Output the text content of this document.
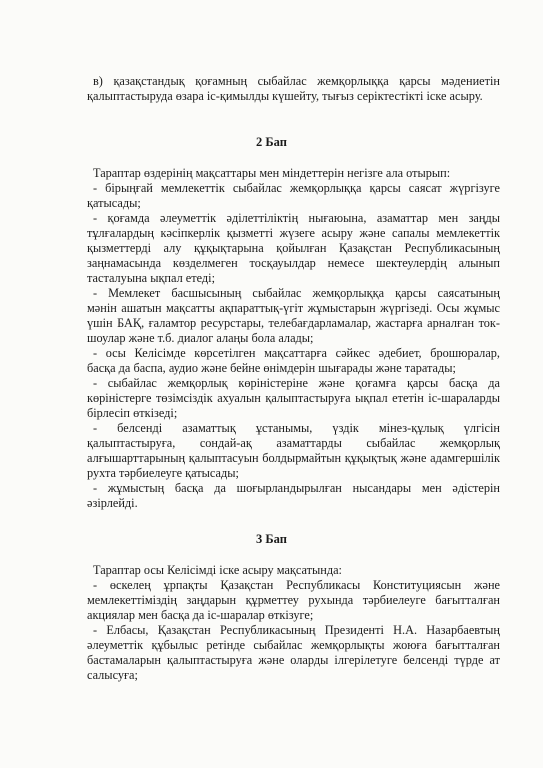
в) қазақстандық қоғамның сыбайлас жемқорлыққа қарсы мәдениетін
қалыптастыруда өзара іс-қимылды күшейту, тығыз серіктестікті іске асыру.
2 Бап
Тараптар өздерінің мақсаттары мен міндеттерін негізге ала отырып:
- бірыңғай мемлекеттік сыбайлас жемқорлыққа қарсы саясат жүргізуге
қатысады;
- қоғамда әлеуметтік әділеттіліктің нығаюына, азаматтар мен заңды
тұлғалардың кәсіпкерлік қызметті жүзеге асыру және сапалы мемлекеттік
қызметтерді алу құқықтарына қойылған Қазақстан Республикасының
заңнамасында көзделмеген тосқауылдар немесе шектеулердің алынып
тасталуына ықпал етеді;
- Мемлекет басшысының сыбайлас жемқорлыққа қарсы саясатының
мәнін ашатын мақсатты ақпараттық-үгіт жұмыстарын жүргізеді. Осы жұмыс
үшін БАҚ, ғаламтор ресурстары, телебағдарламалар, жастарға арналған ток-
шоулар және т.б. диалог алаңы бола алады;
- осы Келісімде көрсетілген мақсаттарға сәйкес әдебиет, брошюралар,
басқа да баспа, аудио және бейне өнімдерін шығарады және таратады;
- сыбайлас жемқорлық көріністеріне және қоғамға қарсы басқа да
көріністерге төзімсіздік ахуалын қалыптастыруға ықпал ететін іс-шараларды
бірлесіп өткізеді;
- белсенді азаматтық ұстанымы, үздік мінез-құлық үлгісін
қалыптастыруға, сондай-ақ азаматтарды сыбайлас жемқорлық
алғышарттарының қалыптасуын болдырмайтын құқықтық және адамгершілік
рухта тәрбиелеуге қатысады;
- жұмыстың басқа да шоғырландырылған нысандары мен әдістерін
әзірлейді.
3 Бап
Тараптар осы Келісімді іске асыру мақсатында:
- өскелең ұрпақты Қазақстан Республикасы Конституциясын және
мемлекеттіміздің заңдарын құрметтеу рухында тәрбиелеуге бағытталған
акциялар мен басқа да іс-шаралар өткізуге;
- Елбасы, Қазақстан Республикасының Президенті Н.А. Назарбаевтың
әлеуметтік құбылыс ретінде сыбайлас жемқорлықты жоюға бағытталған
бастамаларын қалыптастыруға және оларды ілгерілетуге белсенді түрде ат
салысуға;
